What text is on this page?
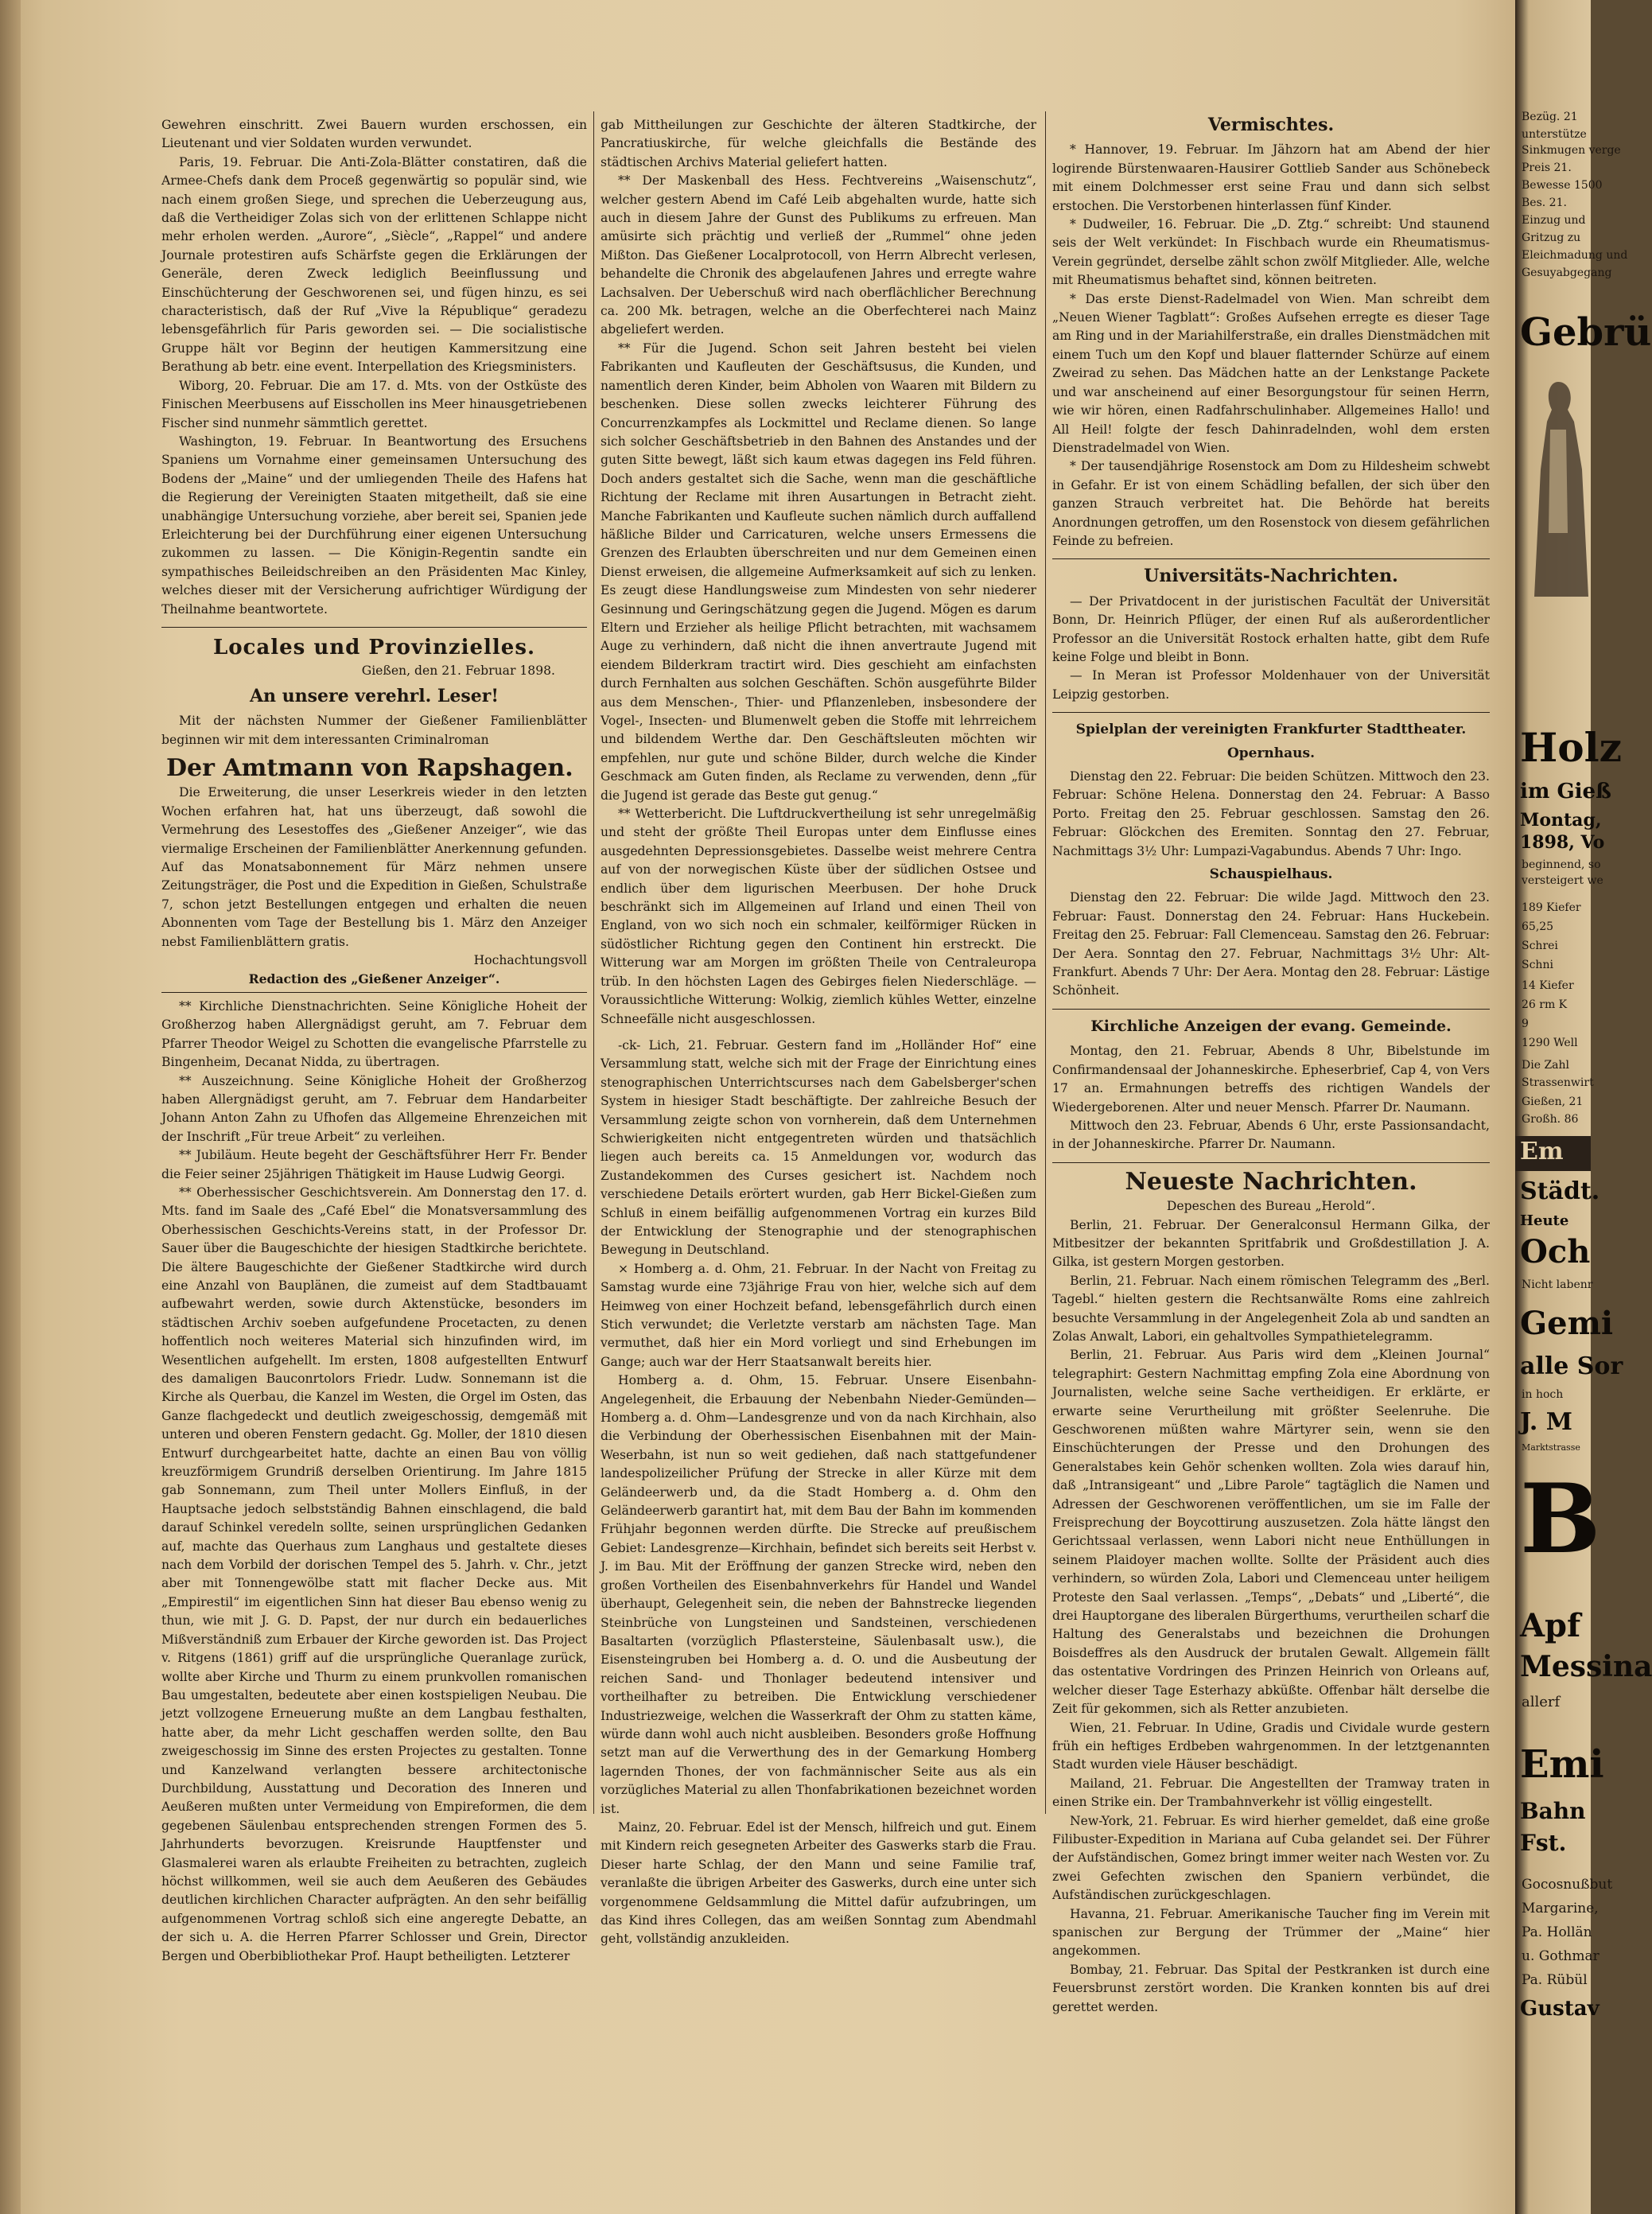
Gewehren einschritt. Zwei Bauern wurden erschossen, ein Lieutenant und vier Soldaten wurden verwundet.

Paris, 19. Februar. Die Anti-Zola-Blätter constatiren, daß die Armee-Chefs dank dem Proceß gegenwärtig so populär sind, wie nach einem großen Siege, und sprechen die Ueberzeugung aus, daß die Vertheidiger Zolas sich von der erlittenen Schlappe nicht mehr erholen werden. „Aurore“, „Siècle“, „Rappel“ und andere Journale protestiren aufs Schärfste gegen die Erklärungen der Generäle, deren Zweck lediglich Beeinflussung und Einschüchterung der Geschworenen sei, und fügen hinzu, es sei characteristisch, daß der Ruf „Vive la République“ geradezu lebensgefährlich für Paris geworden sei. — Die socialistische Gruppe hält vor Beginn der heutigen Kammersitzung eine Berathung ab betr. eine event. Interpellation des Kriegsministers.

Wiborg, 20. Februar. Die am 17. d. Mts. von der Ostküste des Finischen Meerbusens auf Eisschollen ins Meer hinausgetriebenen Fischer sind nunmehr sämmtlich gerettet.

Washington, 19. Februar. In Beantwortung des Ersuchens Spaniens um Vornahme einer gemeinsamen Untersuchung des Bodens der „Maine“ und der umliegenden Theile des Hafens hat die Regierung der Vereinigten Staaten mitgetheilt, daß sie eine unabhängige Untersuchung vorziehe, aber bereit sei, Spanien jede Erleichterung bei der Durchführung einer eigenen Untersuchung zukommen zu lassen. — Die Königin-Regentin sandte ein sympathisches Beileidschreiben an den Präsidenten Mac Kinley, welches dieser mit der Versicherung aufrichtiger Würdigung der Theilnahme beantwortete.

Locales und Provinzielles.
Gießen, den 21. Februar 1898.
An unsere verehrl. Leser!

Mit der nächsten Nummer der Gießener Familienblätter beginnen wir mit dem interessanten Criminalroman

Der Amtmann von Rapshagen.

Die Erweiterung, die unser Leserkreis wieder in den letzten Wochen erfahren hat, hat uns überzeugt, daß sowohl die Vermehrung des Lesestoffes des „Gießener Anzeiger“, wie das viermalige Erscheinen der Familienblätter Anerkennung gefunden. Auf das Monatsabonnement für März nehmen unsere Zeitungsträger, die Post und die Expedition in Gießen, Schulstraße 7, schon jetzt Bestellungen entgegen und erhalten die neuen Abonnenten vom Tage der Bestellung bis 1. März den Anzeiger nebst Familienblättern gratis.

Hochachtungsvoll
Redaction des „Gießener Anzeiger“.

** Kirchliche Dienstnachrichten. Seine Königliche Hoheit der Großherzog haben Allergnädigst geruht, am 7. Februar dem Pfarrer Theodor Weigel zu Schotten die evangelische Pfarrstelle zu Bingenheim, Decanat Nidda, zu übertragen.

** Auszeichnung. Seine Königliche Hoheit der Großherzog haben Allergnädigst geruht, am 7. Februar dem Handarbeiter Johann Anton Zahn zu Ufhofen das Allgemeine Ehrenzeichen mit der Inschrift „Für treue Arbeit“ zu verleihen.

** Jubiläum. Heute begeht der Geschäftsführer Herr Fr. Bender die Feier seiner 25jährigen Thätigkeit im Hause Ludwig Georgi.

** Oberhessischer Geschichtsverein. Am Donnerstag den 17. d. Mts. fand im Saale des „Café Ebel“ die Monatsversammlung des Oberhessischen Geschichts-Vereins statt, in der Professor Dr. Sauer über die Baugeschichte der hiesigen Stadtkirche berichtete. Die ältere Baugeschichte der Gießener Stadtkirche wird durch eine Anzahl von Bauplänen, die zumeist auf dem Stadtbauamt aufbewahrt werden, sowie durch Aktenstücke, besonders im städtischen Archiv soeben aufgefundene Procetacten, zu denen hoffentlich noch weiteres Material sich hinzufinden wird, im Wesentlichen aufgehellt. Im ersten, 1808 aufgestellten Entwurf des damaligen Bauconrtolors Friedr. Ludw. Sonnemann ist die Kirche als Querbau, die Kanzel im Westen, die Orgel im Osten, das Ganze flachgedeckt und deutlich zweigeschossig, demgemäß mit unteren und oberen Fenstern gedacht. Gg. Moller, der 1810 diesen Entwurf durchgearbeitet hatte, dachte an einen Bau von völlig kreuzförmigem Grundriß derselben Orientirung. Im Jahre 1815 gab Sonnemann, zum Theil unter Mollers Einfluß, in der Hauptsache jedoch selbstständig Bahnen einschlagend, die bald darauf Schinkel veredeln sollte, seinen ursprünglichen Gedanken auf, machte das Querhaus zum Langhaus und gestaltete dieses nach dem Vorbild der dorischen Tempel des 5. Jahrh. v. Chr., jetzt aber mit Tonnengewölbe statt mit flacher Decke aus. Mit „Empirestil“ im eigentlichen Sinn hat dieser Bau ebenso wenig zu thun, wie mit J. G. D. Papst, der nur durch ein bedauerliches Mißverständniß zum Erbauer der Kirche geworden ist. Das Project v. Ritgens (1861) griff auf die ursprüngliche Queranlage zurück, wollte aber Kirche und Thurm zu einem prunkvollen romanischen Bau umgestalten, bedeutete aber einen kostspieligen Neubau. Die jetzt vollzogene Erneuerung mußte an dem Langbau festhalten, hatte aber, da mehr Licht geschaffen werden sollte, den Bau zweigeschossig im Sinne des ersten Projectes zu gestalten. Tonne und Kanzelwand verlangten bessere architectonische Durchbildung, Ausstattung und Decoration des Inneren und Aeußeren mußten unter Vermeidung von Empireformen, die dem gegebenen Säulenbau entsprechenden strengen Formen des 5. Jahrhunderts bevorzugen. Kreisrunde Hauptfenster und Glasmalerei waren als erlaubte Freiheiten zu betrachten, zugleich höchst willkommen, weil sie auch dem Aeußeren des Gebäudes deutlichen kirchlichen Character aufprägten. An den sehr beifällig aufgenommenen Vortrag schloß sich eine angeregte Debatte, an der sich u. A. die Herren Pfarrer Schlosser und Grein, Director Bergen und Oberbibliothekar Prof. Haupt betheiligten. Letzterer

gab Mittheilungen zur Geschichte der älteren Stadtkirche, der Pancratiuskirche, für welche gleichfalls die Bestände des städtischen Archivs Material geliefert hatten.

** Der Maskenball des Hess. Fechtvereins „Waisenschutz“, welcher gestern Abend im Café Leib abgehalten wurde, hatte sich auch in diesem Jahre der Gunst des Publikums zu erfreuen. Man amüsirte sich prächtig und verließ der „Rummel“ ohne jeden Mißton. Das Gießener Localprotocoll, von Herrn Albrecht verlesen, behandelte die Chronik des abgelaufenen Jahres und erregte wahre Lachsalven. Der Ueberschuß wird nach oberflächlicher Berechnung ca. 200 Mk. betragen, welche an die Oberfechterei nach Mainz abgeliefert werden.

** Für die Jugend. Schon seit Jahren besteht bei vielen Fabrikanten und Kaufleuten der Geschäftsusus, die Kunden, und namentlich deren Kinder, beim Abholen von Waaren mit Bildern zu beschenken. Diese sollen zwecks leichterer Führung des Concurrenzkampfes als Lockmittel und Reclame dienen. So lange sich solcher Geschäftsbetrieb in den Bahnen des Anstandes und der guten Sitte bewegt, läßt sich kaum etwas dagegen ins Feld führen. Doch anders gestaltet sich die Sache, wenn man die geschäftliche Richtung der Reclame mit ihren Ausartungen in Betracht zieht. Manche Fabrikanten und Kaufleute suchen nämlich durch auffallend häßliche Bilder und Carricaturen, welche unsers Ermessens die Grenzen des Erlaubten überschreiten und nur dem Gemeinen einen Dienst erweisen, die allgemeine Aufmerksamkeit auf sich zu lenken. Es zeugt diese Handlungsweise zum Mindesten von sehr niederer Gesinnung und Geringschätzung gegen die Jugend. Mögen es darum Eltern und Erzieher als heilige Pflicht betrachten, mit wachsamem Auge zu verhindern, daß nicht die ihnen anvertraute Jugend mit eiendem Bilderkram tractirt wird. Dies geschieht am einfachsten durch Fernhalten aus solchen Geschäften. Schön ausgeführte Bilder aus dem Menschen-, Thier- und Pflanzenleben, insbesondere der Vogel-, Insecten- und Blumenwelt geben die Stoffe mit lehrreichem und bildendem Werthe dar. Den Geschäftsleuten möchten wir empfehlen, nur gute und schöne Bilder, durch welche die Kinder Geschmack am Guten finden, als Reclame zu verwenden, denn „für die Jugend ist gerade das Beste gut genug.“

** Wetterbericht. Die Luftdruckvertheilung ist sehr unregelmäßig und steht der größte Theil Europas unter dem Einflusse eines ausgedehnten Depressionsgebietes. Dasselbe weist mehrere Centra auf von der norwegischen Küste über der südlichen Ostsee und endlich über dem ligurischen Meerbusen. Der hohe Druck beschränkt sich im Allgemeinen auf Irland und einen Theil von England, von wo sich noch ein schmaler, keilförmiger Rücken in südöstlicher Richtung gegen den Continent hin erstreckt. Die Witterung war am Morgen im größten Theile von Centraleuropa trüb. In den höchsten Lagen des Gebirges fielen Niederschläge. — Voraussichtliche Witterung: Wolkig, ziemlich kühles Wetter, einzelne Schneefälle nicht ausgeschlossen.

-ck- Lich, 21. Februar. Gestern fand im „Holländer Hof“ eine Versammlung statt, welche sich mit der Frage der Einrichtung eines stenographischen Unterrichtscurses nach dem Gabelsberger'schen System in hiesiger Stadt beschäftigte. Der zahlreiche Besuch der Versammlung zeigte schon von vornherein, daß dem Unternehmen Schwierigkeiten nicht entgegentreten würden und thatsächlich liegen auch bereits ca. 15 Anmeldungen vor, wodurch das Zustandekommen des Curses gesichert ist. Nachdem noch verschiedene Details erörtert wurden, gab Herr Bickel-Gießen zum Schluß in einem beifällig aufgenommenen Vortrag ein kurzes Bild der Entwicklung der Stenographie und der stenographischen Bewegung in Deutschland.

⨯ Homberg a. d. Ohm, 21. Februar. In der Nacht von Freitag zu Samstag wurde eine 73jährige Frau von hier, welche sich auf dem Heimweg von einer Hochzeit befand, lebensgefährlich durch einen Stich verwundet; die Verletzte verstarb am nächsten Tage. Man vermuthet, daß hier ein Mord vorliegt und sind Erhebungen im Gange; auch war der Herr Staatsanwalt bereits hier.

Homberg a. d. Ohm, 15. Februar. Unsere Eisenbahn-Angelegenheit, die Erbauung der Nebenbahn Nieder-Gemünden—Homberg a. d. Ohm—Landesgrenze und von da nach Kirchhain, also die Verbindung der Oberhessischen Eisenbahnen mit der Main-Weserbahn, ist nun so weit gediehen, daß nach stattgefundener landespolizeilicher Prüfung der Strecke in aller Kürze mit dem Geländeerwerb und, da die Stadt Homberg a. d. Ohm den Geländeerwerb garantirt hat, mit dem Bau der Bahn im kommenden Frühjahr begonnen werden dürfte. Die Strecke auf preußischem Gebiet: Landesgrenze—Kirchhain, befindet sich bereits seit Herbst v. J. im Bau. Mit der Eröffnung der ganzen Strecke wird, neben den großen Vortheilen des Eisenbahnverkehrs für Handel und Wandel überhaupt, Gelegenheit sein, die neben der Bahnstrecke liegenden Steinbrüche von Lungsteinen und Sandsteinen, verschiedenen Basaltarten (vorzüglich Pflastersteine, Säulenbasalt usw.), die Eisensteingruben bei Homberg a. d. O. und die Ausbeutung der reichen Sand- und Thonlager bedeutend intensiver und vortheilhafter zu betreiben. Die Entwicklung verschiedener Industriezweige, welchen die Wasserkraft der Ohm zu statten käme, würde dann wohl auch nicht ausbleiben. Besonders große Hoffnung setzt man auf die Verwerthung des in der Gemarkung Homberg lagernden Thones, der von fachmännischer Seite aus als ein vorzügliches Material zu allen Thonfabrikationen bezeichnet worden ist.

Mainz, 20. Februar. Edel ist der Mensch, hilfreich und gut. Einem mit Kindern reich gesegneten Arbeiter des Gaswerks starb die Frau. Dieser harte Schlag, der den Mann und seine Familie traf, veranlaßte die übrigen Arbeiter des Gaswerks, durch eine unter sich vorgenommene Geldsammlung die Mittel dafür aufzubringen, um das Kind ihres Collegen, das am weißen Sonntag zum Abendmahl geht, vollständig anzukleiden.

Vermischtes.

* Hannover, 19. Februar. Im Jähzorn hat am Abend der hier logirende Bürstenwaaren-Hausirer Gottlieb Sander aus Schönebeck mit einem Dolchmesser erst seine Frau und dann sich selbst erstochen. Die Verstorbenen hinterlassen fünf Kinder.

* Dudweiler, 16. Februar. Die „D. Ztg.“ schreibt: Und staunend seis der Welt verkündet: In Fischbach wurde ein Rheumatismus-Verein gegründet, derselbe zählt schon zwölf Mitglieder. Alle, welche mit Rheumatismus behaftet sind, können beitreten.

* Das erste Dienst-Radelmadel von Wien. Man schreibt dem „Neuen Wiener Tagblatt“: Großes Aufsehen erregte es dieser Tage am Ring und in der Mariahilferstraße, ein dralles Dienstmädchen mit einem Tuch um den Kopf und blauer flatternder Schürze auf einem Zweirad zu sehen. Das Mädchen hatte an der Lenkstange Packete und war anscheinend auf einer Besorgungstour für seinen Herrn, wie wir hören, einen Radfahrschulinhaber. Allgemeines Hallo! und All Heil! folgte der fesch Dahinradelnden, wohl dem ersten Dienstradelmadel von Wien.

* Der tausendjährige Rosenstock am Dom zu Hildesheim schwebt in Gefahr. Er ist von einem Schädling befallen, der sich über den ganzen Strauch verbreitet hat. Die Behörde hat bereits Anordnungen getroffen, um den Rosenstock von diesem gefährlichen Feinde zu befreien.

Universitäts-Nachrichten.

— Der Privatdocent in der juristischen Facultät der Universität Bonn, Dr. Heinrich Pflüger, der einen Ruf als außerordentlicher Professor an die Universität Rostock erhalten hatte, gibt dem Rufe keine Folge und bleibt in Bonn.

— In Meran ist Professor Moldenhauer von der Universität Leipzig gestorben.

Spielplan der vereinigten Frankfurter Stadttheater.
Opernhaus.

Dienstag den 22. Februar: Die beiden Schützen. Mittwoch den 23. Februar: Schöne Helena. Donnerstag den 24. Februar: A Basso Porto. Freitag den 25. Februar geschlossen. Samstag den 26. Februar: Glöckchen des Eremiten. Sonntag den 27. Februar, Nachmittags 3½ Uhr: Lumpazi-Vagabundus. Abends 7 Uhr: Ingo.

Schauspielhaus.

Dienstag den 22. Februar: Die wilde Jagd. Mittwoch den 23. Februar: Faust. Donnerstag den 24. Februar: Hans Huckebein. Freitag den 25. Februar: Fall Clemenceau. Samstag den 26. Februar: Der Aera. Sonntag den 27. Februar, Nachmittags 3½ Uhr: Alt-Frankfurt. Abends 7 Uhr: Der Aera. Montag den 28. Februar: Lästige Schönheit.

Kirchliche Anzeigen der evang. Gemeinde.

Montag, den 21. Februar, Abends 8 Uhr, Bibelstunde im Confirmandensaal der Johanneskirche. Epheserbrief, Cap 4, von Vers 17 an. Ermahnungen betreffs des richtigen Wandels der Wiedergeborenen. Alter und neuer Mensch. Pfarrer Dr. Naumann.

Mittwoch den 23. Februar, Abends 6 Uhr, erste Passionsandacht, in der Johanneskirche. Pfarrer Dr. Naumann.

Neueste Nachrichten.
Depeschen des Bureau „Herold“.

Berlin, 21. Februar. Der Generalconsul Hermann Gilka, der Mitbesitzer der bekannten Spritfabrik und Großdestillation J. A. Gilka, ist gestern Morgen gestorben.

Berlin, 21. Februar. Nach einem römischen Telegramm des „Berl. Tagebl.“ hielten gestern die Rechtsanwälte Roms eine zahlreich besuchte Versammlung in der Angelegenheit Zola ab und sandten an Zolas Anwalt, Labori, ein gehaltvolles Sympathietelegramm.

Berlin, 21. Februar. Aus Paris wird dem „Kleinen Journal“ telegraphirt: Gestern Nachmittag empfing Zola eine Abordnung von Journalisten, welche seine Sache vertheidigen. Er erklärte, er erwarte seine Verurtheilung mit größter Seelenruhe. Die Geschworenen müßten wahre Märtyrer sein, wenn sie den Einschüchterungen der Presse und den Drohungen des Generalstabes kein Gehör schenken wollten. Zola wies darauf hin, daß „Intransigeant“ und „Libre Parole“ tagtäglich die Namen und Adressen der Geschworenen veröffentlichen, um sie im Falle der Freisprechung der Boycottirung auszusetzen. Zola hätte längst den Gerichtssaal verlassen, wenn Labori nicht neue Enthüllungen in seinem Plaidoyer machen wollte. Sollte der Präsident auch dies verhindern, so würden Zola, Labori und Clemenceau unter heiligem Proteste den Saal verlassen. „Temps“, „Debats“ und „Liberté“, die drei Hauptorgane des liberalen Bürgerthums, verurtheilen scharf die Haltung des Generalstabs und bezeichnen die Drohungen Boisdeffres als den Ausdruck der brutalen Gewalt. Allgemein fällt das ostentative Vordringen des Prinzen Heinrich von Orleans auf, welcher dieser Tage Esterhazy abküßte. Offenbar hält derselbe die Zeit für gekommen, sich als Retter anzubieten.

Wien, 21. Februar. In Udine, Gradis und Cividale wurde gestern früh ein heftiges Erdbeben wahrgenommen. In der letztgenannten Stadt wurden viele Häuser beschädigt.

Mailand, 21. Februar. Die Angestellten der Tramway traten in einen Strike ein. Der Trambahnverkehr ist völlig eingestellt.

New-York, 21. Februar. Es wird hierher gemeldet, daß eine große Filibuster-Expedition in Mariana auf Cuba gelandet sei. Der Führer der Aufständischen, Gomez bringt immer weiter nach Westen vor. Zu zwei Gefechten zwischen den Spaniern verbündet, die Aufständischen zurückgeschlagen.

Havanna, 21. Februar. Amerikanische Taucher fing im Verein mit spanischen zur Bergung der Trümmer der „Maine“ hier angekommen.

Bombay, 21. Februar. Das Spital der Pestkranken ist durch eine Feuersbrunst zerstört worden. Die Kranken konnten bis auf drei gerettet werden.

Bezüg. 21
unterstütze
Sinkmugen verge
Preis 21.
Bewesse 1500
Bes. 21.
Einzug und
Gritzug zu
Eleichmadung und
Gesuyabgegang
Gebrü
Holz
im Gieß
Montag,
1898, Vo
beginnend, so
versteigert we
189 Kiefer
65,25
Schrei
Schni
14 Kiefer
26 rm K
9
1290 Well
Die Zahl
Strassenwirt
Gießen, 21
Großh. 86
Em
Städt.
Heute
Och
Nicht labenr
Gemi
alle Sor
in hoch
J. M
Marktstrasse
B
Apf
Messina
allerf
Emi
Bahn
Fst.
Gocosnußbut
Margarine,
Pa. Hollän
u. Gothmar
Pa. Rübül
Gustav
